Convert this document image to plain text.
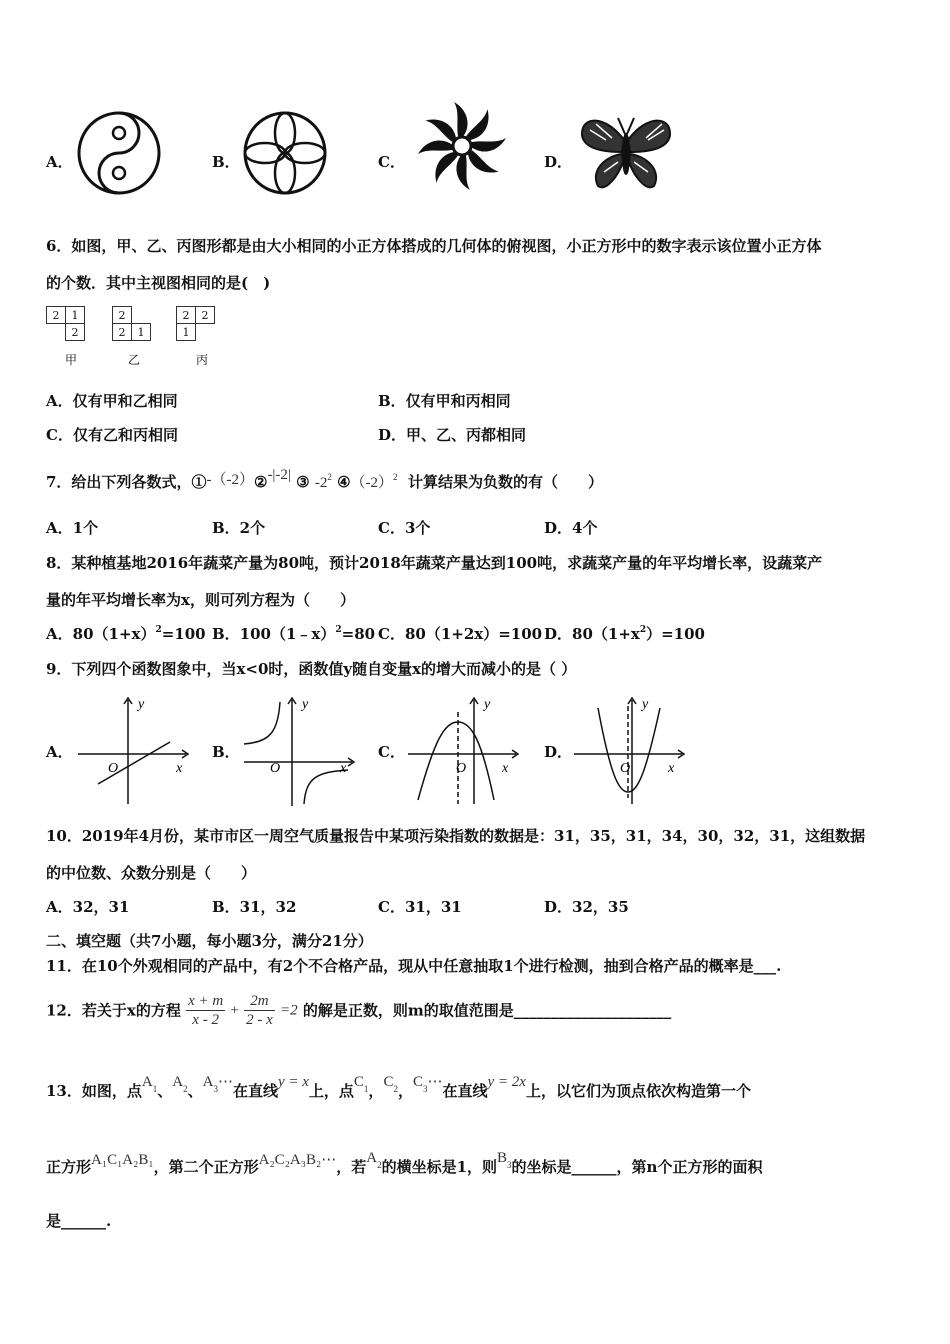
A．	B．	C．	D．
6．如图，甲、乙、丙图形都是由大小相同的小正方体搭成的几何体的俯视图，小正方形中的数字表示该位置小正方体
的个数．其中主视图相同的是(　)
2	1
	2
甲
2	
2	1
乙
2	2
1	
丙
A．仅有甲和乙相同	B．仅有甲和丙相同
C．仅有乙和丙相同	D．甲、乙、丙都相同
7．给出下列各数式，①-（-2）②-|-2| ③ $-2^2$ $④(-2)^2$ 计算结果为负数的有（　　）
A．1个	B．2个	C．3个	D．4个
8．某种植基地2016年蔬菜产量为80吨，预计2018年蔬菜产量达到100吨，求蔬菜产量的年平均增长率，设蔬菜产
量的年平均增长率为x，则可列方程为（　　）
A．$80(1+x)^2=100$ B．100（1﹣x）$^2$=80 C．80（1+2x）=100 D．$80(1+x^2)=100$
9．下列四个函数图象中，当x<0时，函数值y随自变量x的增大而减小的是（ ）
A．
y
x
O
B．
y
x
O
C．
y
x
O
D．
y
x
O
10．2019年4月份，某市市区一周空气质量报告中某项污染指数的数据是：31，35，31，34，30，32，31，这组数据
的中位数、众数分别是（　　）
A．32，31	B．31，32	C．31，31	D．32，35
二、填空题（共7小题，每小题3分，满分21分）
11．在10个外观相同的产品中，有2个不合格产品，现从中任意抽取1个进行检测，抽到合格产品的概率是___.
12．若关于x的方程 $\frac{x + m}{x - 2} + \frac{2m}{2 - x} =2$ 的解是正数，则m的取值范围是_____________________
13．如图，点$A^1$、$A^2$、$A^3\cdots$在直线y = x上，点$C^1$，$C^2$，$C^3\cdots$在直线y = 2x上，以它们为顶点依次构造第一个
正方形A₁C₁A₂B₁，第二个正方形A₂C₂A₃B₂⋯，若$A^2$的横坐标是1，则$B^3$的坐标是______，第n个正方形的面积
是______.
